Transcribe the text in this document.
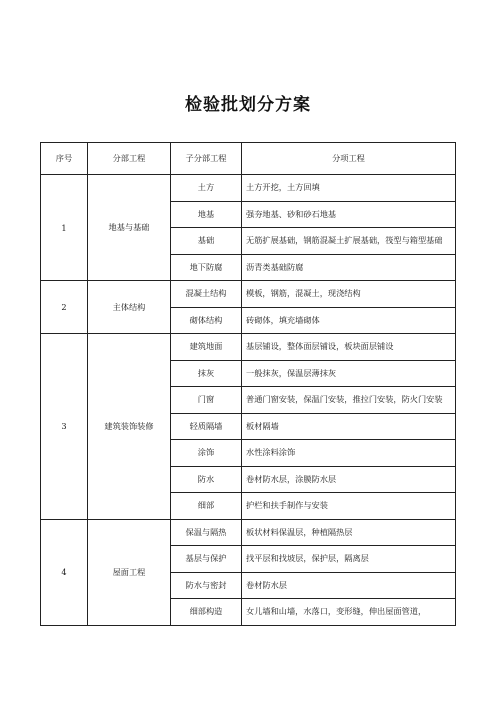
检验批划分方案
序号	分部工程	子分部工程	分项工程
1	地基与基础	土方	土方开挖，土方回填
		地基	强夯地基、砂和砂石地基
		基础	无筋扩展基础，钢筋混凝土扩展基础，筏型与箱型基础
		地下防腐	沥青类基础防腐
2	主体结构	混凝土结构	模板，钢筋，混凝土，现浇结构
		砌体结构	砖砌体，填充墙砌体
3	建筑装饰装修	建筑地面	基层铺设，整体面层铺设，板块面层铺设
		抹灰	一般抹灰，保温层薄抹灰
		门窗	普通门窗安装，保温门安装，推拉门安装，防火门安装
		轻质隔墙	板材隔墙
		涂饰	水性涂料涂饰
		防水	卷材防水层，涂膜防水层
		细部	护栏和扶手制作与安装
4	屋面工程	保温与隔热	板状材料保温层，种植隔热层
		基层与保护	找平层和找坡层，保护层，隔离层
		防水与密封	卷材防水层
		细部构造	女儿墙和山墙，水落口，变形缝，伸出屋面管道，
